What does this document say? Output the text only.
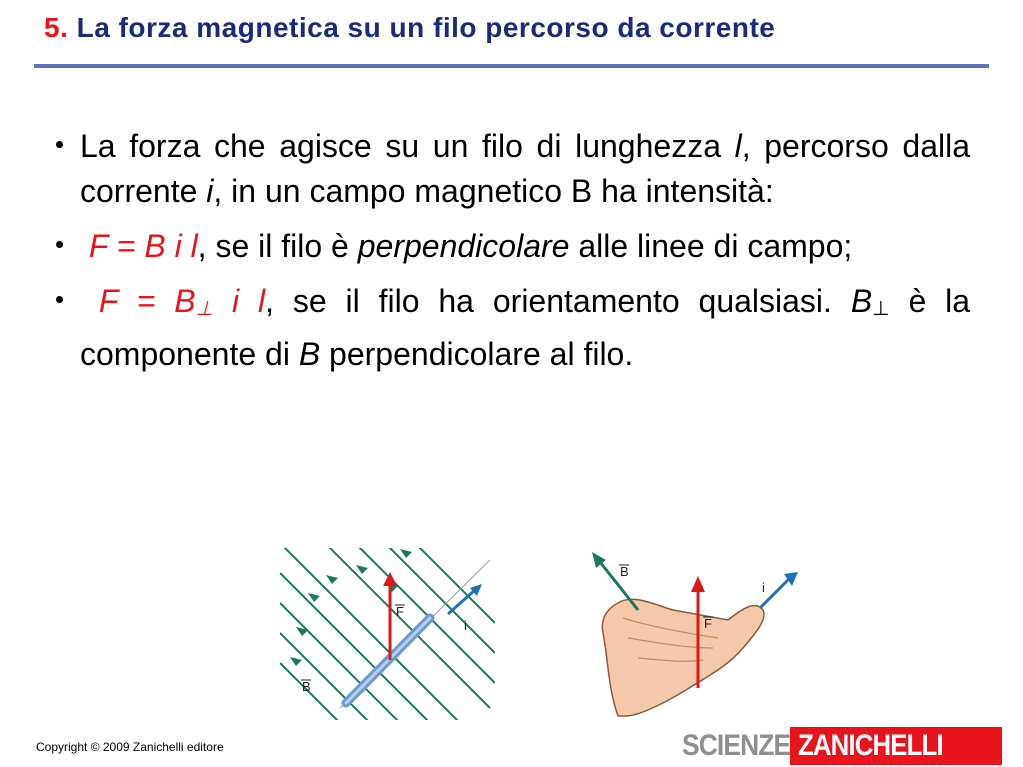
5. La forza magnetica su un filo percorso da corrente

La forza che agisce su un filo di lunghezza l, percorso dalla corrente i, in un campo magnetico B ha intensità:

F = B i l, se il filo è perpendicolare alle linee di campo;

F = B⊥ i l, se il filo ha orientamento qualsiasi. B⊥ è la componente di B perpendicolare al filo.

F
i
B
B
i
F
Copyright © 2009 Zanichelli editore	SCIENZE ZANICHELLI
